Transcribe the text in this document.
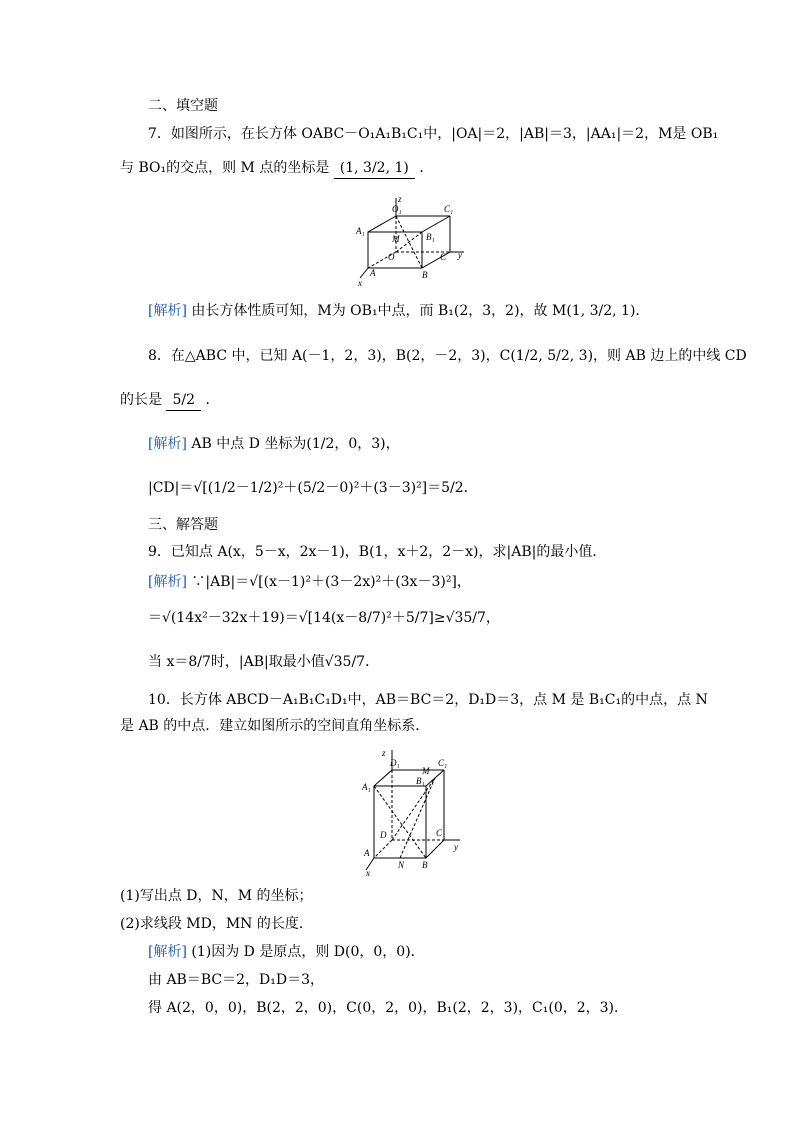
二、填空题
7．如图所示，在长方体 OABC－O₁A₁B₁C₁中，|OA|＝2，|AB|＝3，|AA₁|＝2，M是 OB₁
与 BO₁的交点，则 M 点的坐标是 (1, 3/2, 1) ．
z
O₁	C₁
A₁
M	B₁
O	C y
A	B
x
[解析] 由长方体性质可知，M为 OB₁中点，而 B₁(2，3，2)，故 M(1, 3/2, 1)．
8．在△ABC 中，已知 A(－1，2，3)，B(2，－2，3)，C(1/2, 5/2, 3)，则 AB 边上的中线 CD
的长是 5/2 ．
[解析] AB 中点 D 坐标为(1/2，0，3)，
|CD|＝√[(1/2－1/2)²＋(5/2－0)²＋(3－3)²]＝5/2．
三、解答题
9．已知点 A(x，5－x，2x－1)，B(1，x＋2，2－x)，求|AB|的最小值．
[解析] ∵|AB|＝√[(x－1)²＋(3－2x)²＋(3x－3)²]，
＝√(14x²－32x＋19)＝√[14(x－8/7)²＋5/7]≥√35/7，
当 x＝8/7时，|AB|取最小值√35/7．
10．长方体 ABCD－A₁B₁C₁D₁中，AB＝BC＝2，D₁D＝3，点 M 是 B₁C₁的中点，点 N
是 AB 的中点．建立如图所示的空间直角坐标系．
z
D₁
M
C₁
A₁
B₁
D	C
y
A
N B
x
(1)写出点 D，N，M 的坐标；
(2)求线段 MD，MN 的长度．
[解析] (1)因为 D 是原点，则 D(0，0，0)．
由 AB＝BC＝2，D₁D＝3，
得 A(2，0，0)，B(2，2，0)，C(0，2，0)，B₁(2，2，3)，C₁(0，2，3)．
